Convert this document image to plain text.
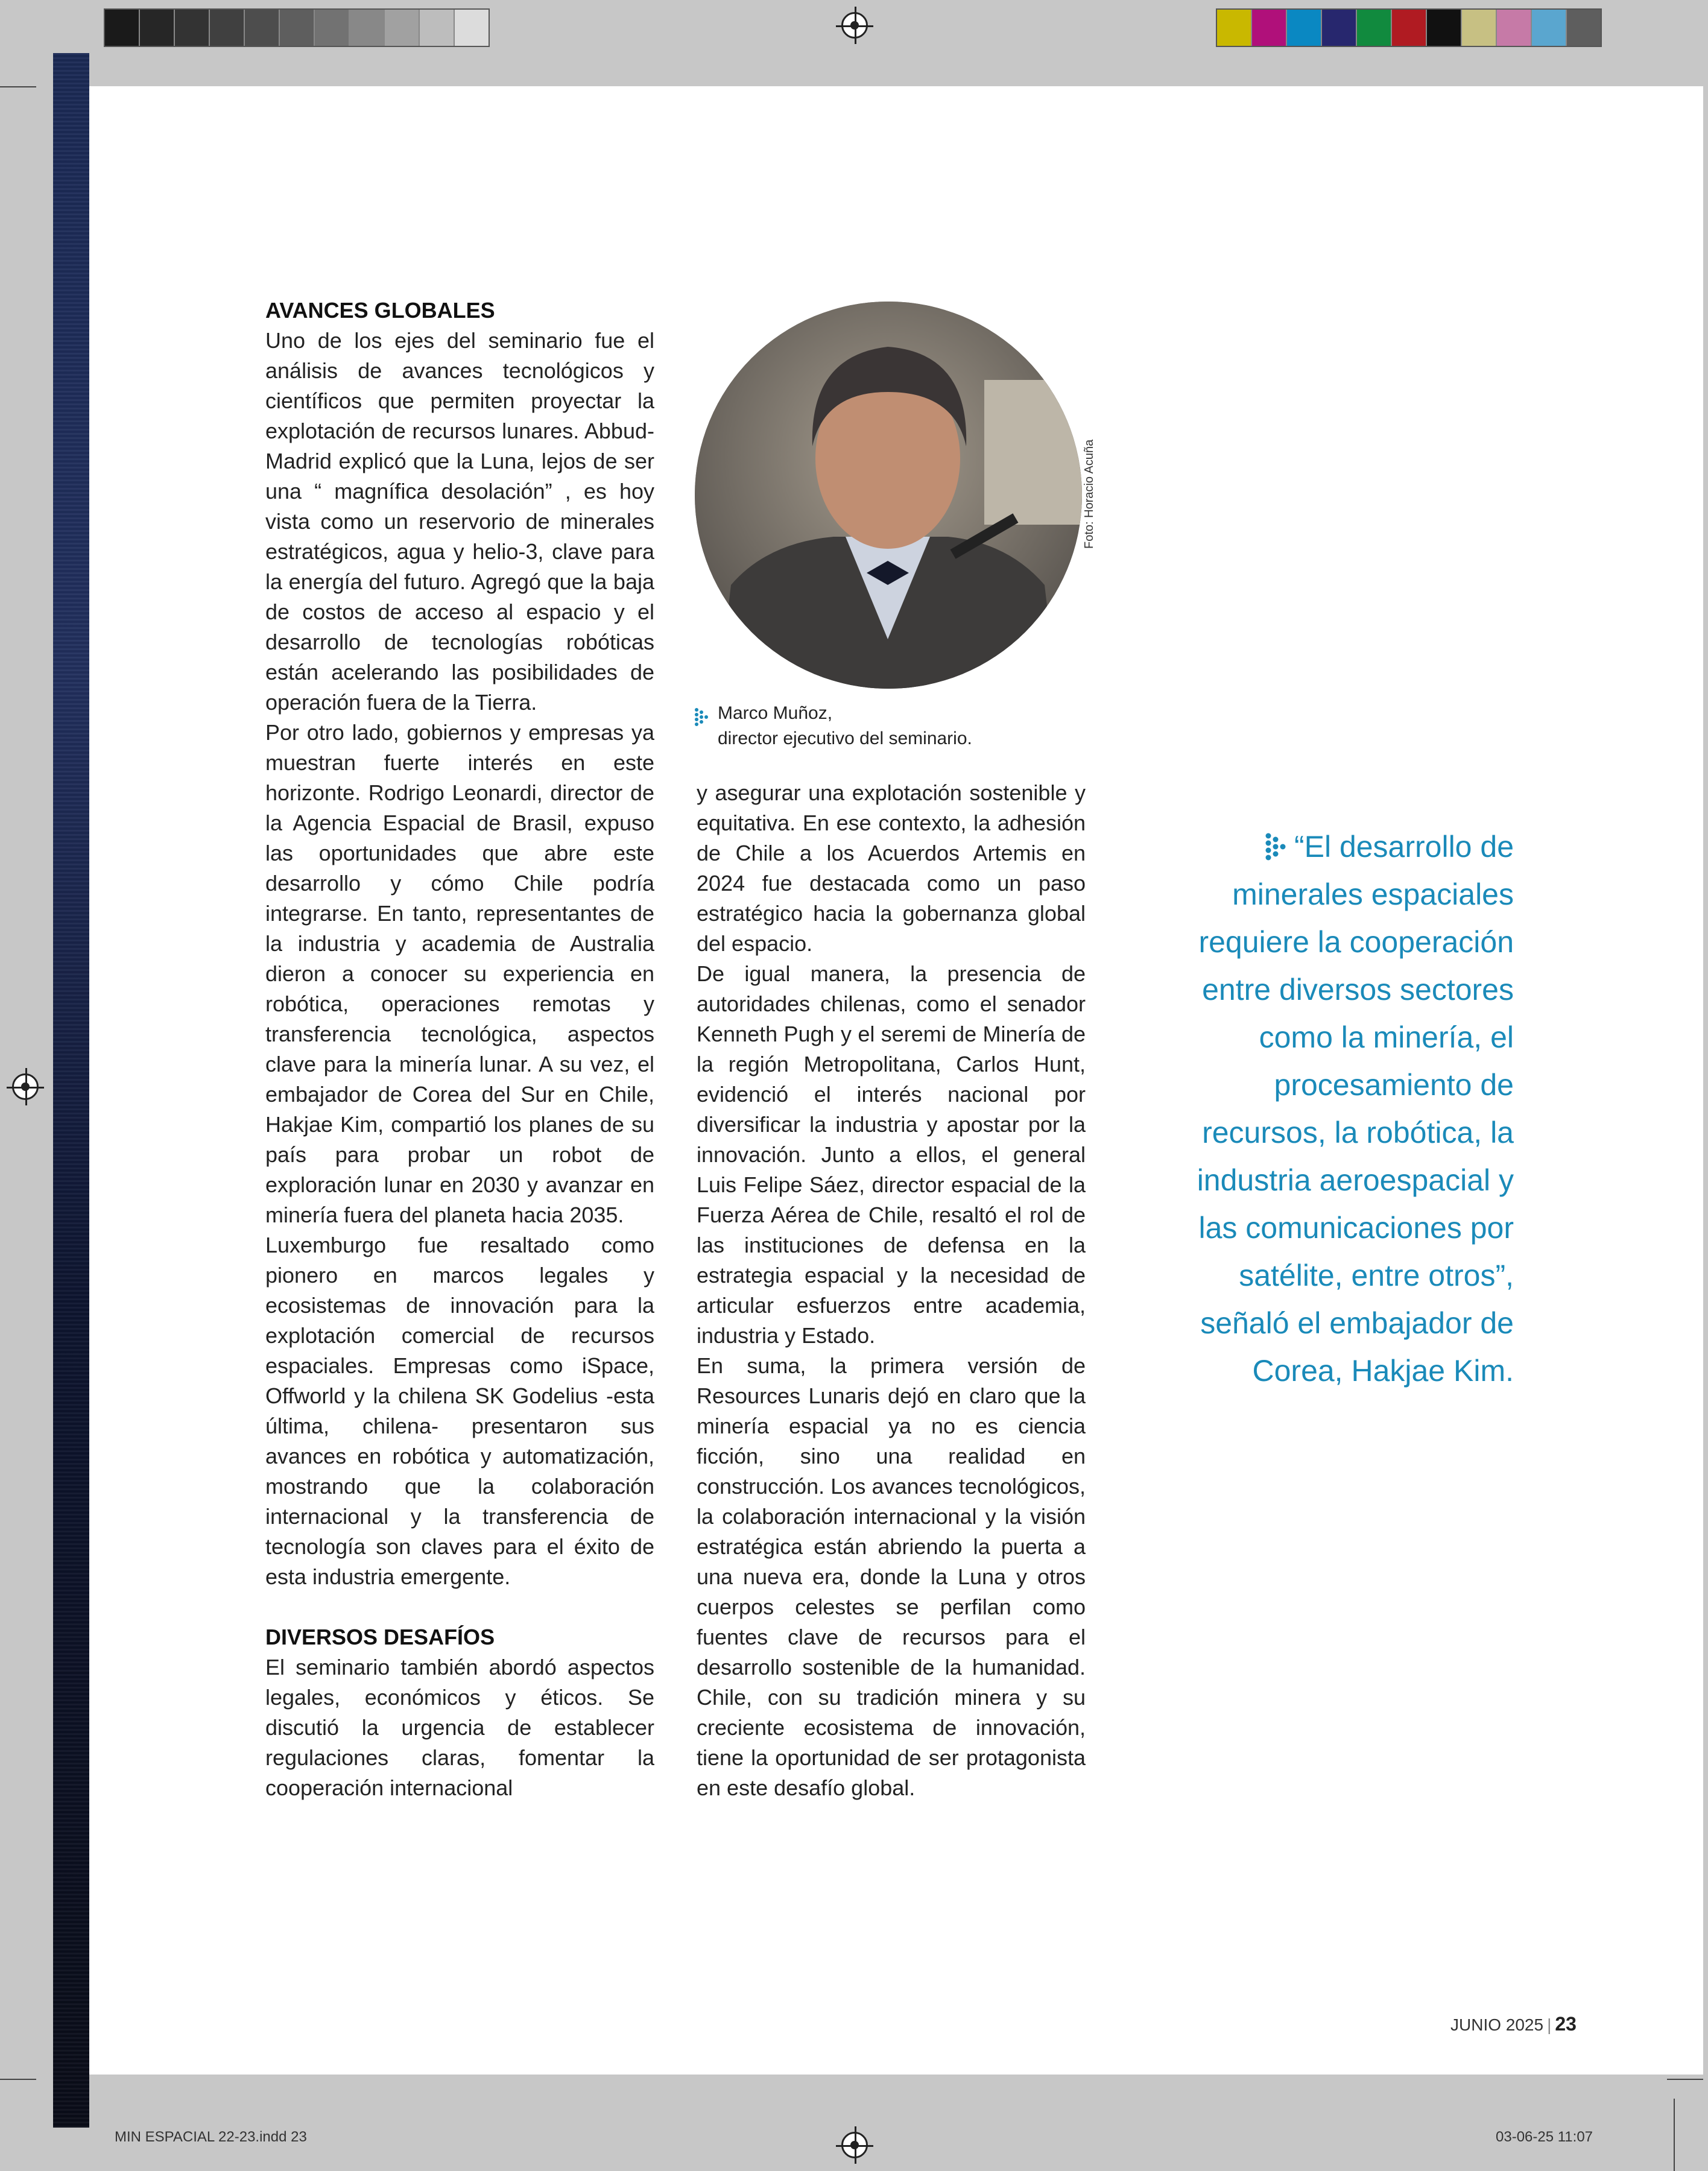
AVANCES GLOBALES

Uno de los ejes del seminario fue el análisis de avances tecnológicos y científicos que permiten proyectar la explotación de recursos lunares. Abbud-Madrid explicó que la Luna, lejos de ser una “ magnífica desolación” , es hoy vista como un reservorio de minerales estratégicos, agua y helio-3, clave para la energía del futuro. Agregó que la baja de costos de acceso al espacio y el desarrollo de tecnologías robóticas están acelerando las posibilidades de operación fuera de la Tierra.

Por otro lado, gobiernos y empresas ya muestran fuerte interés en este horizonte. Rodrigo Leonardi, director de la Agencia Espacial de Brasil, expuso las oportunidades que abre este desarrollo y cómo Chile podría integrarse. En tanto, representantes de la industria y academia de Australia dieron a conocer su experiencia en robótica, operaciones remotas y transferencia tecnológica, aspectos clave para la minería lunar. A su vez, el embajador de Corea del Sur en Chile, Hakjae Kim, compartió los planes de su país para probar un robot de exploración lunar en 2030 y avanzar en minería fuera del planeta hacia 2035.

Luxemburgo fue resaltado como pionero en marcos legales y ecosistemas de innovación para la explotación comercial de recursos espaciales. Empresas como iSpace, Offworld y la chilena SK Godelius -esta última, chilena- presentaron sus avances en robótica y automatización, mostrando que la colaboración internacional y la transferencia de tecnología son claves para el éxito de esta industria emergente.

DIVERSOS DESAFÍOS

El seminario también abordó aspectos legales, económicos y éticos. Se discutió la urgencia de establecer regulaciones claras, fomentar la cooperación internacional

Foto: Horacio Acuña
Marco Muñoz,
director ejecutivo del seminario.

y asegurar una explotación sostenible y equitativa. En ese contexto, la adhesión de Chile a los Acuerdos Artemis en 2024 fue destacada como un paso estratégico hacia la gobernanza global del espacio.

De igual manera, la presencia de autoridades chilenas, como el senador Kenneth Pugh y el seremi de Minería de la región Metropolitana, Carlos Hunt, evidenció el interés nacional por diversificar la industria y apostar por la innovación. Junto a ellos, el general Luis Felipe Sáez, director espacial de la Fuerza Aérea de Chile, resaltó el rol de las instituciones de defensa en la estrategia espacial y la necesidad de articular esfuerzos entre academia, industria y Estado.

En suma, la primera versión de Resources Lunaris dejó en claro que la minería espacial ya no es ciencia ficción, sino una realidad en construcción. Los avances tecnológicos, la colaboración internacional y la visión estratégica están abriendo la puerta a una nueva era, donde la Luna y otros cuerpos celestes se perfilan como fuentes clave de recursos para el desarrollo sostenible de la humanidad. Chile, con su tradición minera y su creciente ecosistema de innovación, tiene la oportunidad de ser protagonista en este desafío global.

“El desarrollo de minerales espaciales requiere la cooperación entre diversos sectores como la minería, el procesamiento de recursos, la robótica, la industria aeroespacial y las comunicaciones por satélite, entre otros”, señaló el embajador de Corea, Hakjae Kim.
JUNIO 2025 | 23
MIN ESPACIAL 22-23.indd 23	03-06-25 11:07
